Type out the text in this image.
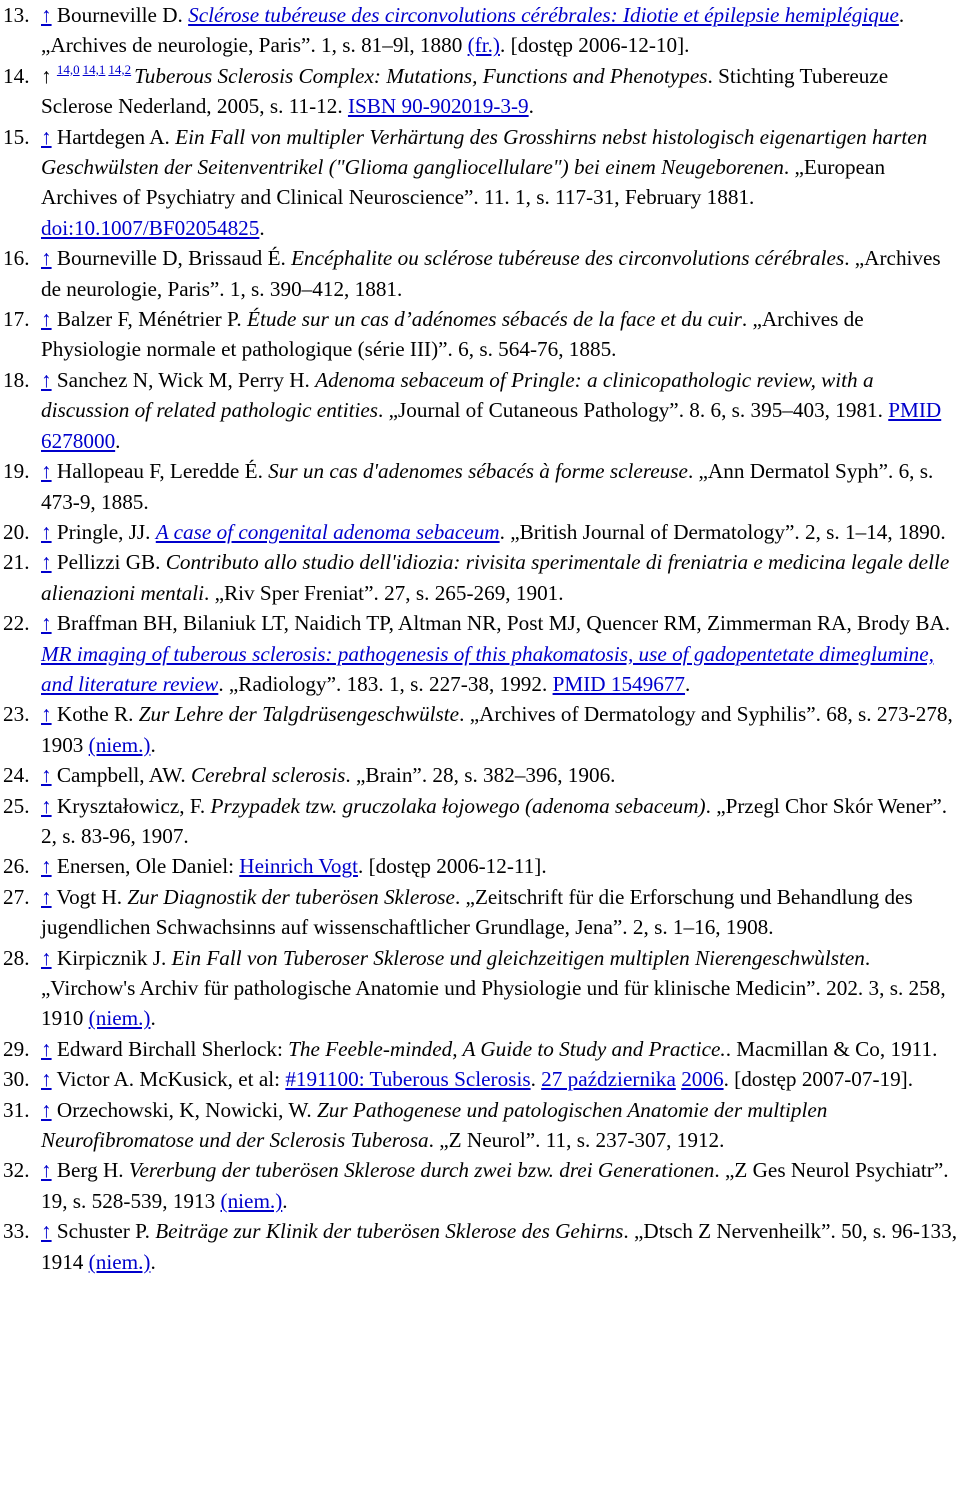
13. ↑ Bourneville D. Sclérose tubéreuse des circonvolutions cérébrales: Idiotie et épilepsie hemiplégique. „Archives de neurologie, Paris”. 1, s. 81–9l, 1880 (fr.). [dostęp 2006-12-10].

14. ↑ $^{14,0}$ $^{14,1}$ $^{14,2}$ Tuberous Sclerosis Complex: Mutations, Functions and Phenotypes. Stichting Tubereuze Sclerose Nederland, 2005, s. 11-12. ISBN 90-902019-3-9.

15. ↑ Hartdegen A. Ein Fall von multipler Verhärtung des Grosshirns nebst histologisch eigenartigen harten Geschwülsten der Seitenventrikel ("Glioma gangliocellulare") bei einem Neugeborenen. „European Archives of Psychiatry and Clinical Neuroscience”. 11. 1, s. 117-31, February 1881. doi:10.1007/BF02054825.

16. ↑ Bourneville D, Brissaud É. Encéphalite ou sclérose tubéreuse des circonvolutions cérébrales. „Archives de neurologie, Paris”. 1, s. 390–412, 1881.

17. ↑ Balzer F, Ménétrier P. Étude sur un cas d’adénomes sébacés de la face et du cuir. „Archives de Physiologie normale et pathologique (série III)”. 6, s. 564-76, 1885.

18. ↑ Sanchez N, Wick M, Perry H. Adenoma sebaceum of Pringle: a clinicopathologic review, with a discussion of related pathologic entities. „Journal of Cutaneous Pathology”. 8. 6, s. 395–403, 1981. PMID 6278000.

19. ↑ Hallopeau F, Leredde É. Sur un cas d'adenomes sébacés à forme sclereuse. „Ann Dermatol Syph”. 6, s. 473-9, 1885.

20. ↑ Pringle, JJ. A case of congenital adenoma sebaceum. „British Journal of Dermatology”. 2, s. 1–14, 1890.

21. ↑ Pellizzi GB. Contributo allo studio dell'idiozia: rivisita sperimentale di freniatria e medicina legale delle alienazioni mentali. „Riv Sper Freniat”. 27, s. 265-269, 1901.

22. ↑ Braffman BH, Bilaniuk LT, Naidich TP, Altman NR, Post MJ, Quencer RM, Zimmerman RA, Brody BA. MR imaging of tuberous sclerosis: pathogenesis of this phakomatosis, use of gadopentetate dimeglumine, and literature review. „Radiology”. 183. 1, s. 227-38, 1992. PMID 1549677.

23. ↑ Kothe R. Zur Lehre der Talgdrüsengeschwülste. „Archives of Dermatology and Syphilis”. 68, s. 273-278, 1903 (niem.).

24. ↑ Campbell, AW. Cerebral sclerosis. „Brain”. 28, s. 382–396, 1906.

25. ↑ Kryształowicz, F. Przypadek tzw. gruczolaka łojowego (adenoma sebaceum). „Przegl Chor Skór Wener”. 2, s. 83-96, 1907.

26. ↑ Enersen, Ole Daniel: Heinrich Vogt. [dostęp 2006-12-11].

27. ↑ Vogt H. Zur Diagnostik der tuberösen Sklerose. „Zeitschrift für die Erforschung und Behandlung des jugendlichen Schwachsinns auf wissenschaftlicher Grundlage, Jena”. 2, s. 1–16, 1908.

28. ↑ Kirpicznik J. Ein Fall von Tuberoser Sklerose und gleichzeitigen multiplen Nierengeschwùlsten. „Virchow's Archiv für pathologische Anatomie und Physiologie und für klinische Medicin”. 202. 3, s. 258, 1910 (niem.).

29. ↑ Edward Birchall Sherlock: The Feeble-minded, A Guide to Study and Practice.. Macmillan & Co, 1911.

30. ↑ Victor A. McKusick, et al: #191100: Tuberous Sclerosis. 27 października 2006. [dostęp 2007-07-19].

31. ↑ Orzechowski, K, Nowicki, W. Zur Pathogenese und patologischen Anatomie der multiplen Neurofibromatose und der Sclerosis Tuberosa. „Z Neurol”. 11, s. 237-307, 1912.

32. ↑ Berg H. Vererbung der tuberösen Sklerose durch zwei bzw. drei Generationen. „Z Ges Neurol Psychiatr”. 19, s. 528-539, 1913 (niem.).

33. ↑ Schuster P. Beiträge zur Klinik der tuberösen Sklerose des Gehirns. „Dtsch Z Nervenheilk”. 50, s. 96-133, 1914 (niem.).
